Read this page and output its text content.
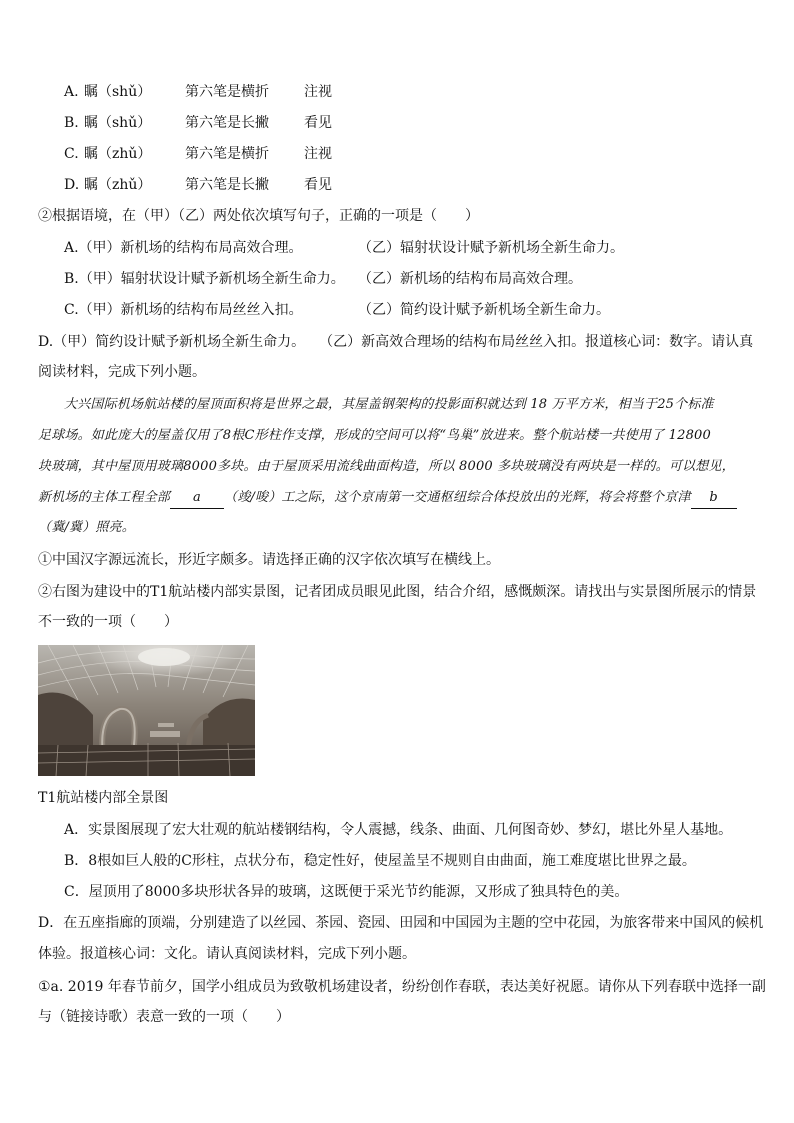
A. 瞩（shǔ） 第六笔是横折	注视
B. 瞩（shǔ） 第六笔是长撇	看见
C. 瞩（zhǔ） 第六笔是横折	注视
D. 瞩（zhǔ） 第六笔是长撇	看见
②根据语境，在（甲）（乙）两处依次填写句子，正确的一项是（　　）
A.（甲）新机场的结构布局高效合理。	（乙）辐射状设计赋予新机场全新生命力。
B.（甲）辐射状设计赋予新机场全新生命力。 （乙）新机场的结构布局高效合理。
C.（甲）新机场的结构布局丝丝入扣。	（乙）简约设计赋予新机场全新生命力。
D.（甲）简约设计赋予新机场全新生命力。　　（乙）新高效合理场的结构布局丝丝入扣。报道核心词：数字。请认真
阅读材料，完成下列小题。
大兴国际机场航站楼的屋顶面积将是世界之最，其屋盖钢架构的投影面积就达到 18 万平方米，相当于25个标准
足球场。如此庞大的屋盖仅用了8根C形柱作支撑，形成的空间可以将“鸟巢”放进来。整个航站楼一共使用了 12800
块玻璃，其中屋顶用玻璃8000多块。由于屋顶采用流线曲面构造，所以 8000 多块玻璃没有两块是一样的。可以想见，
新机场的主体工程全部 a （竣/唆）工之际，这个京南第一交通枢纽综合体投放出的光辉，将会将整个京津 b
（冀/冀）照亮。
①中国汉字源远流长，形近字颇多。请选择正确的汉字依次填写在横线上。
②右图为建设中的T1航站楼内部实景图，记者团成员眼见此图，结合介绍，感慨颇深。请找出与实景图所展示的情景
不一致的一项（　　）
T1航站楼内部全景图
A．实景图展现了宏大壮观的航站楼钢结构，令人震撼，线条、曲面、几何图奇妙、梦幻，堪比外星人基地。
B．8根如巨人般的C形柱，点状分布，稳定性好，使屋盖呈不规则自由曲面，施工难度堪比世界之最。
C．屋顶用了8000多块形状各异的玻璃，这既便于采光节约能源，又形成了独具特色的美。
D．在五座指廊的顶端，分别建造了以丝园、茶园、瓷园、田园和中国园为主题的空中花园，为旅客带来中国风的候机
体验。报道核心词：文化。请认真阅读材料，完成下列小题。
①a. 2019 年春节前夕，国学小组成员为致敬机场建设者，纷纷创作春联，表达美好祝愿。请你从下列春联中选择一副
与（链接诗歌）表意一致的一项（　　）
